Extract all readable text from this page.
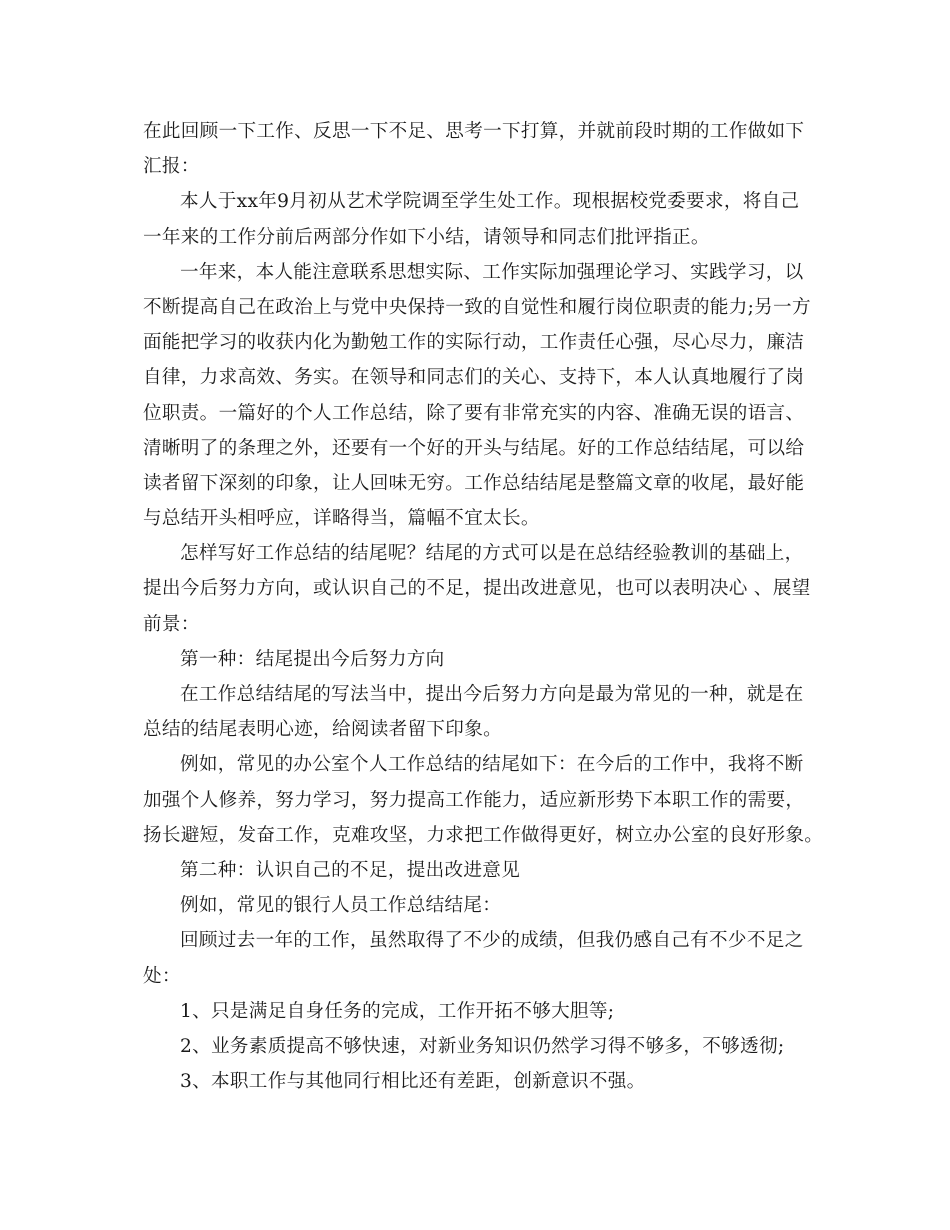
在此回顾一下工作、反思一下不足、思考一下打算，并就前段时期的工作做如下
汇报：
本人于xx年9月初从艺术学院调至学生处工作。现根据校党委要求，将自己
一年来的工作分前后两部分作如下小结，请领导和同志们批评指正。
一年来，本人能注意联系思想实际、工作实际加强理论学习、实践学习，以
不断提高自己在政治上与党中央保持一致的自觉性和履行岗位职责的能力;另一方
面能把学习的收获内化为勤勉工作的实际行动，工作责任心强，尽心尽力，廉洁
自律，力求高效、务实。在领导和同志们的关心、支持下，本人认真地履行了岗
位职责。一篇好的个人工作总结，除了要有非常充实的内容、准确无误的语言、
清晰明了的条理之外，还要有一个好的开头与结尾。好的工作总结结尾，可以给
读者留下深刻的印象，让人回味无穷。工作总结结尾是整篇文章的收尾，最好能
与总结开头相呼应，详略得当，篇幅不宜太长。
怎样写好工作总结的结尾呢？结尾的方式可以是在总结经验教训的基础上，
提出今后努力方向，或认识自己的不足，提出改进意见，也可以表明决心 、展望
前景：
第一种：结尾提出今后努力方向
在工作总结结尾的写法当中，提出今后努力方向是最为常见的一种，就是在
总结的结尾表明心迹，给阅读者留下印象。
例如，常见的办公室个人工作总结的结尾如下：在今后的工作中，我将不断
加强个人修养，努力学习，努力提高工作能力，适应新形势下本职工作的需要，
扬长避短，发奋工作，克难攻坚，力求把工作做得更好，树立办公室的良好形象。
第二种：认识自己的不足，提出改进意见
例如，常见的银行人员工作总结结尾：
回顾过去一年的工作，虽然取得了不少的成绩，但我仍感自己有不少不足之
处：
1、只是满足自身任务的完成，工作开拓不够大胆等;
2、业务素质提高不够快速，对新业务知识仍然学习得不够多，不够透彻;
3、本职工作与其他同行相比还有差距，创新意识不强。
